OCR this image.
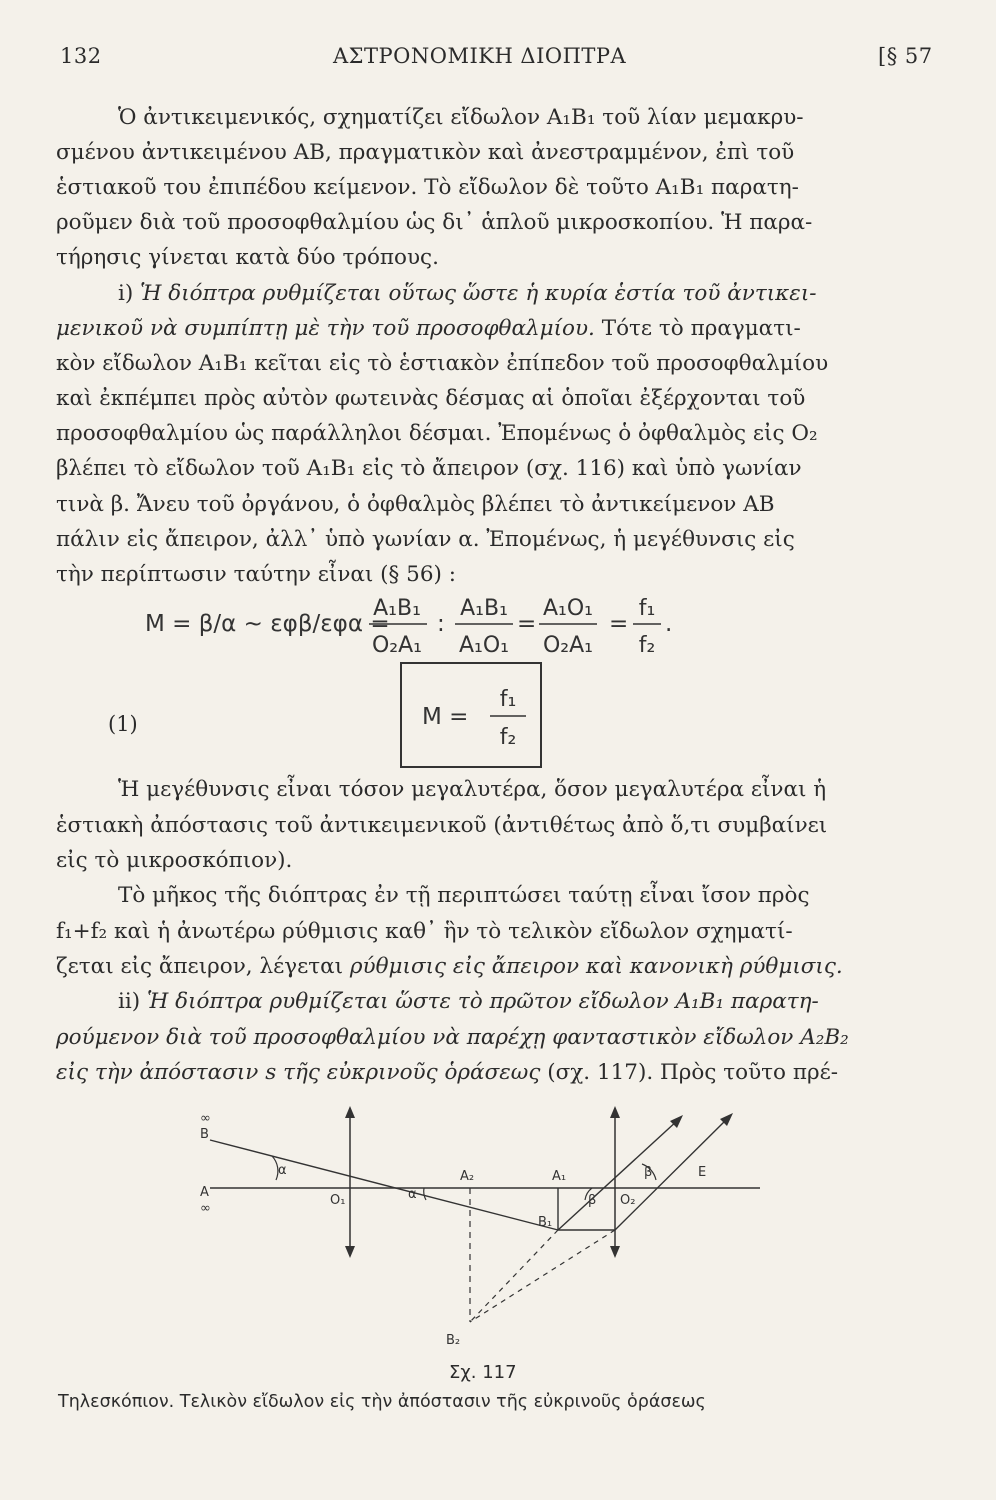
132	ΑΣΤΡΟΝΟΜΙΚΗ ΔΙΟΠΤΡΑ	[§ 57
Ὁ ἀντικειμενικός, σχηματίζει εἴδωλον A₁B₁ τοῦ λίαν μεμακρυ-
σμένου ἀντικειμένου AB, πραγματικὸν καὶ ἀνεστραμμένον, ἐπὶ τοῦ
ἑστιακοῦ του ἐπιπέδου κείμενον. Τὸ εἴδωλον δὲ τοῦτο A₁B₁ παρατη-
ροῦμεν διὰ τοῦ προσοφθαλμίου ὡς δι᾽ ἁπλοῦ μικροσκοπίου. Ἡ παρα-
τήρησις γίνεται κατὰ δύο τρόπους.
i) Ἡ διόπτρα ρυθμίζεται οὕτως ὥστε ἡ κυρία ἑστία τοῦ ἀντικει-
μενικοῦ νὰ συμπίπτῃ μὲ τὴν τοῦ προσοφθαλμίου. Τότε τὸ πραγματι-
κὸν εἴδωλον A₁B₁ κεῖται εἰς τὸ ἑστιακὸν ἐπίπεδον τοῦ προσοφθαλμίου
καὶ ἐκπέμπει πρὸς αὐτὸν φωτεινὰς δέσμας αἱ ὁποῖαι ἐξέρχονται τοῦ
προσοφθαλμίου ὡς παράλληλοι δέσμαι. Ἐπομένως ὁ ὀφθαλμὸς εἰς O₂
βλέπει τὸ εἴδωλον τοῦ A₁B₁ εἰς τὸ ἄπειρον (σχ. 116) καὶ ὑπὸ γωνίαν
τινὰ β. Ἄνευ τοῦ ὀργάνου, ὁ ὀφθαλμὸς βλέπει τὸ ἀντικείμενον AB
πάλιν εἰς ἄπειρον, ἀλλ᾽ ὑπὸ γωνίαν α. Ἐπομένως, ἡ μεγέθυνσις εἰς
τὴν περίπτωσιν ταύτην εἶναι (§ 56) :
Ἡ μεγέθυνσις εἶναι τόσον μεγαλυτέρα, ὅσον μεγαλυτέρα εἶναι ἡ
ἑστιακὴ ἀπόστασις τοῦ ἀντικειμενικοῦ (ἀντιθέτως ἀπὸ ὅ,τι συμβαίνει
εἰς τὸ μικροσκόπιον).
Τὸ μῆκος τῆς διόπτρας ἐν τῇ περιπτώσει ταύτῃ εἶναι ἴσον πρὸς
f₁+f₂ καὶ ἡ ἀνωτέρω ρύθμισις καθ᾽ ἣν τὸ τελικὸν εἴδωλον σχηματί-
ζεται εἰς ἄπειρον, λέγεται ρύθμισις εἰς ἄπειρον καὶ κανονικὴ ρύθμισις.
ii) Ἡ διόπτρα ρυθμίζεται ὥστε τὸ πρῶτον εἴδωλον A₁B₁ παρατη-
ρούμενον διὰ τοῦ προσοφθαλμίου νὰ παρέχῃ φανταστικὸν εἴδωλον A₂B₂
εἰς τὴν ἀπόστασιν s τῆς εὐκρινοῦς ὁράσεως (σχ. 117). Πρὸς τοῦτο πρέ-
M = β/α ∼ εφβ/εφα =
A₁B₁
O₂A₁
:
A₁B₁
A₁O₁
=
A₁O₁
O₂A₁
=
f₁
f₂
.
(1)	M =
f₁
f₂
∞
B
A
∞
O₁
α
α
A₂	A₁
β
β	E
O₂
B₁
B₂
Σχ. 117
Τηλεσκόπιον. Τελικὸν εἴδωλον εἰς τὴν ἀπόστασιν τῆς εὐκρινοῦς ὁράσεως
